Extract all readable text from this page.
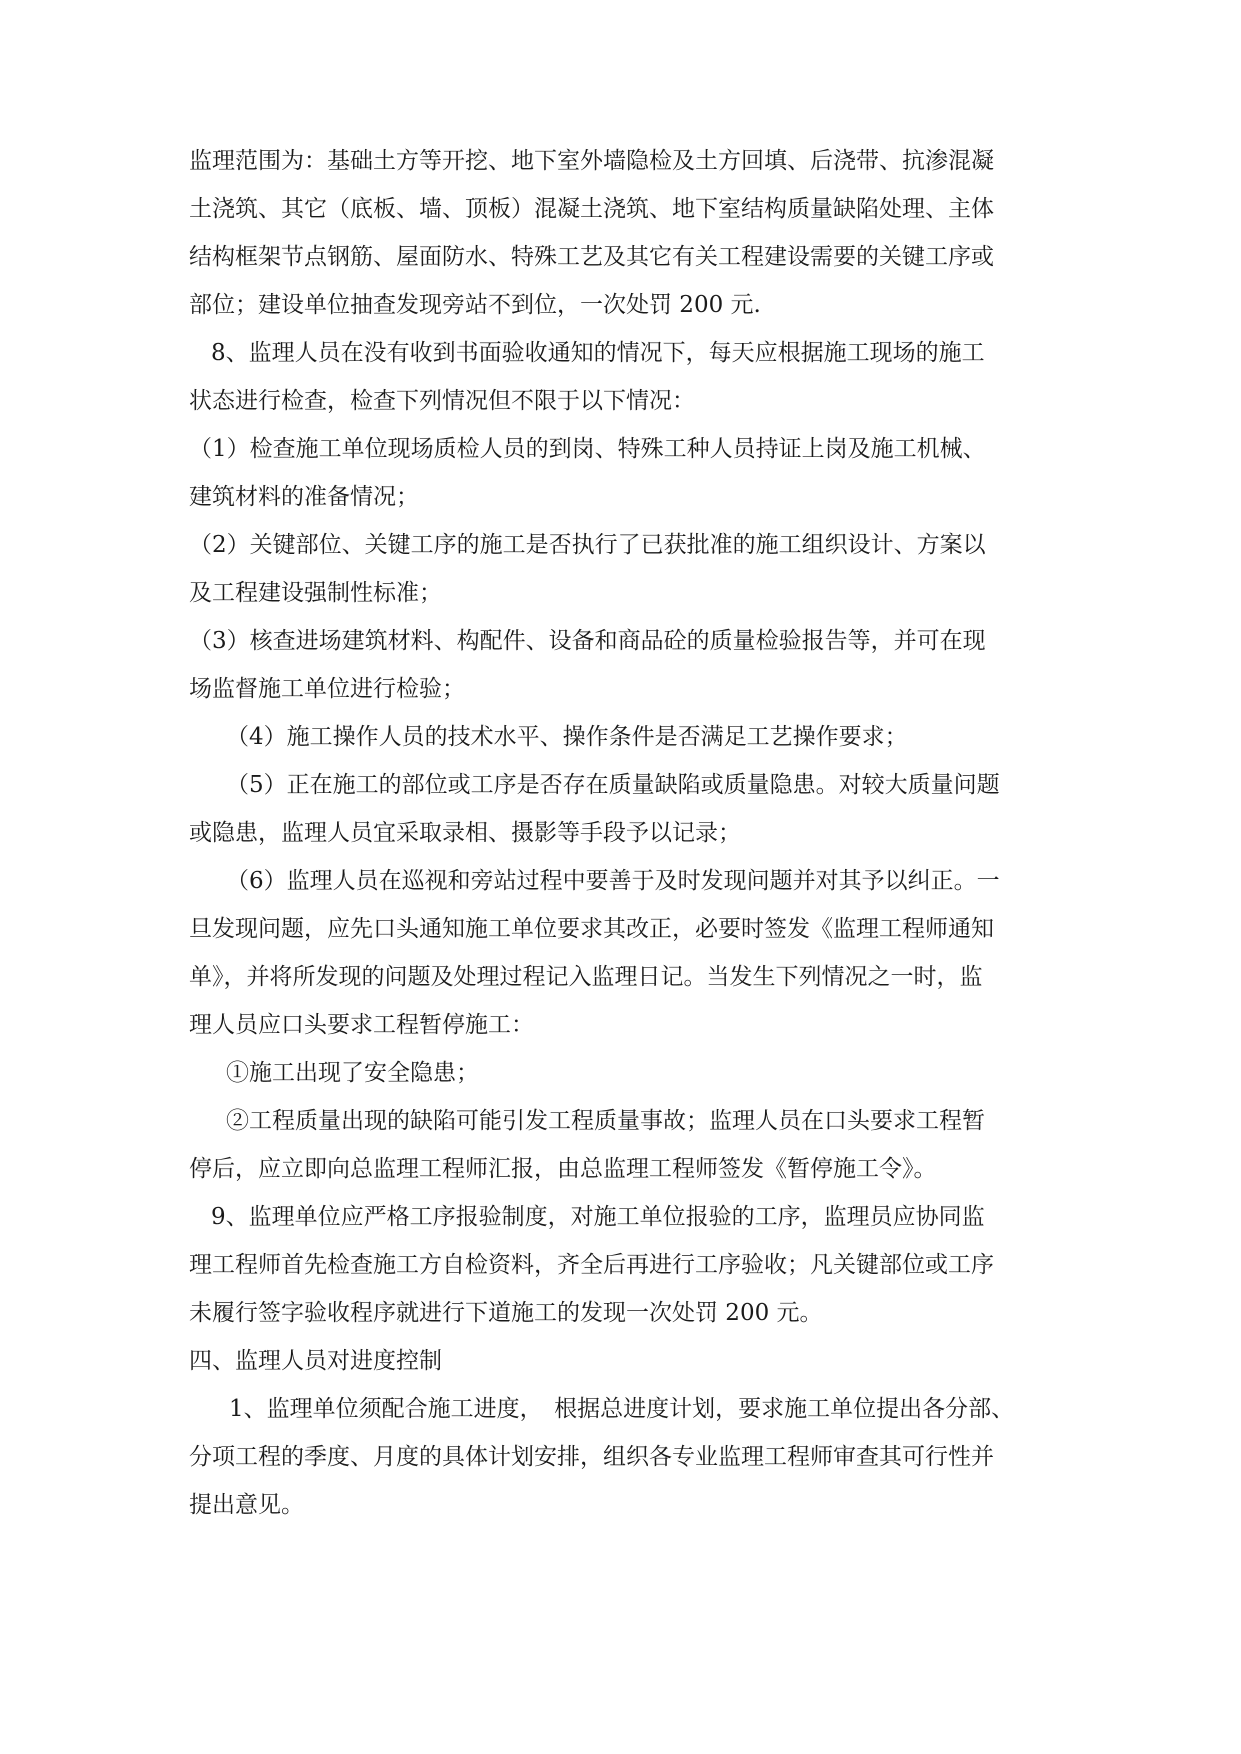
监理范围为：基础土方等开挖、地下室外墙隐检及土方回填、后浇带、抗渗混凝
土浇筑、其它（底板、墙、顶板）混凝土浇筑、地下室结构质量缺陷处理、主体
结构框架节点钢筋、屋面防水、特殊工艺及其它有关工程建设需要的关键工序或
部位；建设单位抽查发现旁站不到位，一次处罚 200 元.
8、监理人员在没有收到书面验收通知的情况下，每天应根据施工现场的施工
状态进行检查，检查下列情况但不限于以下情况：
（1）检查施工单位现场质检人员的到岗、特殊工种人员持证上岗及施工机械、
建筑材料的准备情况；
（2）关键部位、关键工序的施工是否执行了已获批准的施工组织设计、方案以
及工程建设强制性标准；
（3）核查进场建筑材料、构配件、设备和商品砼的质量检验报告等，并可在现
场监督施工单位进行检验；
（4）施工操作人员的技术水平、操作条件是否满足工艺操作要求；
（5）正在施工的部位或工序是否存在质量缺陷或质量隐患。对较大质量问题
或隐患，监理人员宜采取录相、摄影等手段予以记录；
（6）监理人员在巡视和旁站过程中要善于及时发现问题并对其予以纠正。一
旦发现问题，应先口头通知施工单位要求其改正，必要时签发《监理工程师通知
单》，并将所发现的问题及处理过程记入监理日记。当发生下列情况之一时，监
理人员应口头要求工程暂停施工：
①施工出现了安全隐患；
②工程质量出现的缺陷可能引发工程质量事故；监理人员在口头要求工程暂
停后，应立即向总监理工程师汇报，由总监理工程师签发《暂停施工令》。
9、监理单位应严格工序报验制度，对施工单位报验的工序，监理员应协同监
理工程师首先检查施工方自检资料，齐全后再进行工序验收；凡关键部位或工序
未履行签字验收程序就进行下道施工的发现一次处罚 200 元。
四、监理人员对进度控制
1、监理单位须配合施工进度，　根据总进度计划，要求施工单位提出各分部、
分项工程的季度、月度的具体计划安排，组织各专业监理工程师审查其可行性并
提出意见。
